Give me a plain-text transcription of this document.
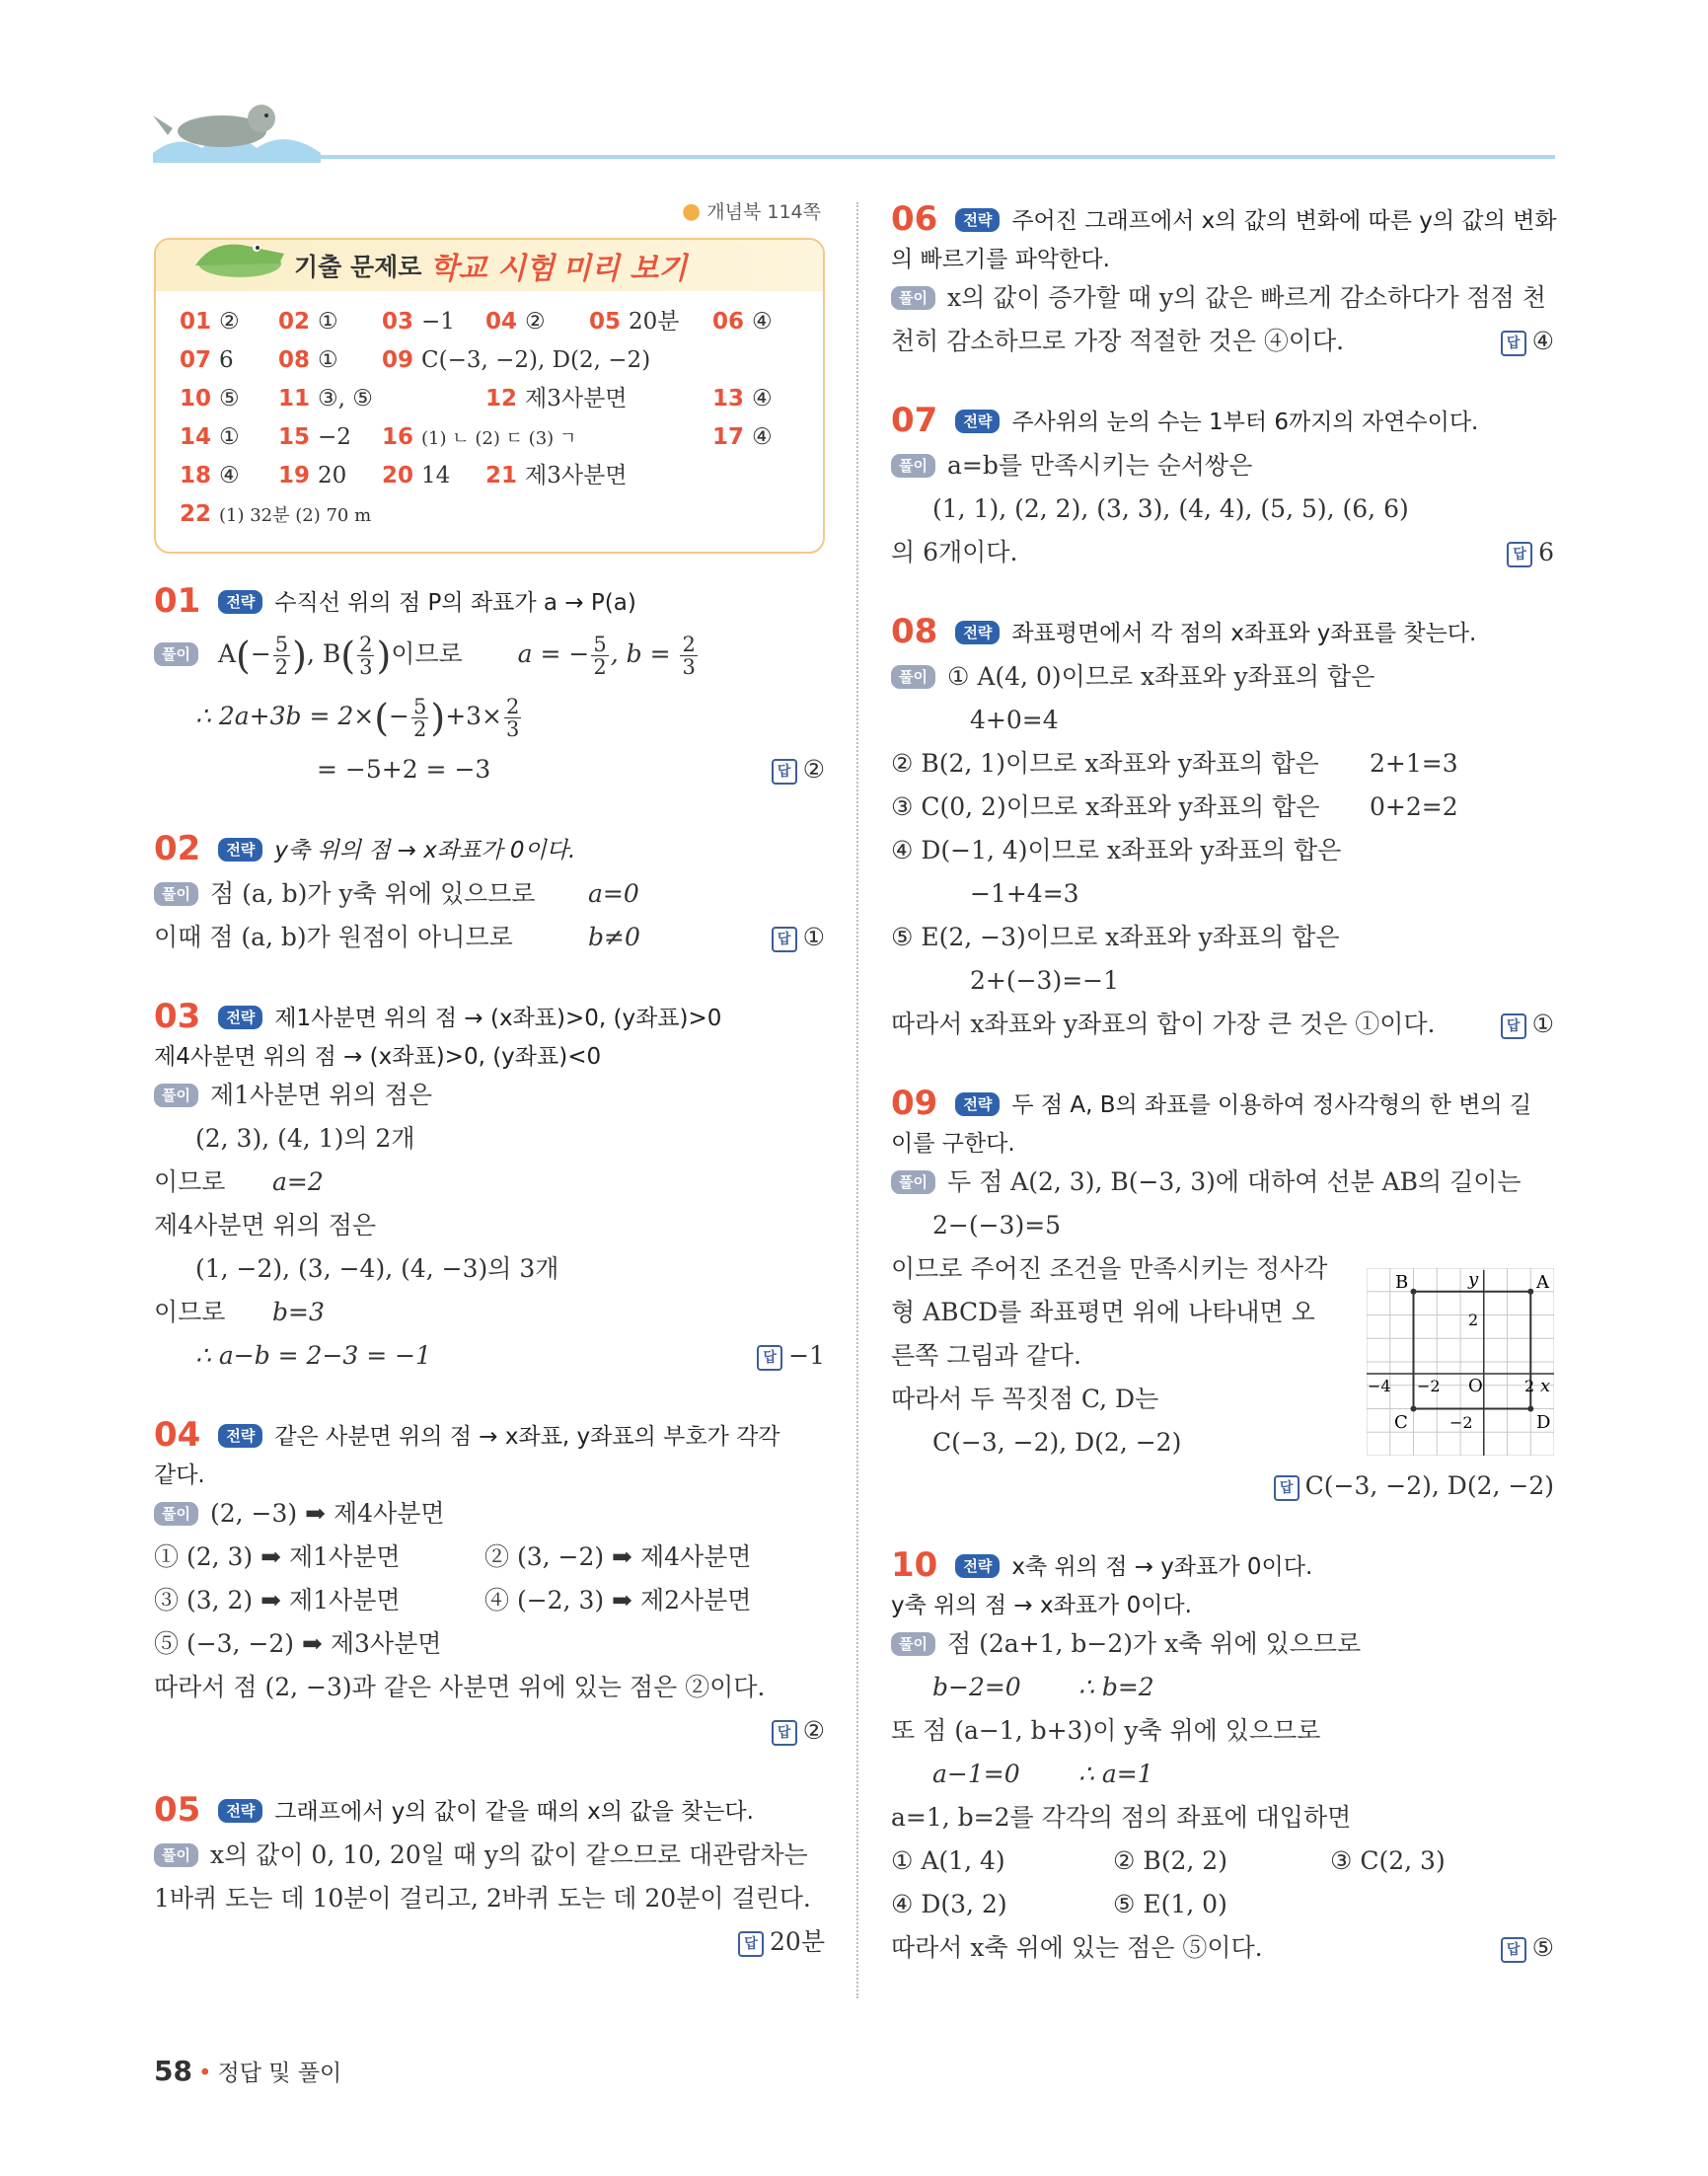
● 개념북 114쪽
기출 문제로 학교 시험 미리 보기
01 ② 02 ① 03 −1 04 ② 05 20분 06 ④
07 6 08 ① 09 C(−3, −2), D(2, −2)
10 ⑤ 11 ③, ⑤	12 제3사분면	13 ④
14 ① 15 −2 16 (1) ㄴ (2) ㄷ (3) ㄱ	17 ④
18 ④ 19 20 20 14 21 제3사분면
22 (1) 32분 (2) 70 m
01 전략 수직선 위의 점 P의 좌표가 a → P(a)
풀이 $A(- \frac{5}{2}$ ), $B( \frac{2}{3}$ )이므로 a = − $\frac{5}{2}$ , $b = \frac{2}{3}$
∴ $2a+3b = 2\times(- \frac{5}{2} )+3\times \frac{2}{3}$
= −5+2 = −3	답 ②
02 전략 y축 위의 점 → x좌표가 0이다.
풀이 점 (a, b)가 y축 위에 있으므로 a=0
이때 점 (a, b)가 원점이 아니므로	b≠0	답 ①
03 전략 제1사분면 위의 점 → (x좌표)>0, (y좌표)>0
제4사분면 위의 점 → (x좌표)>0, (y좌표)<0
풀이 제1사분면 위의 점은
(2, 3), (4, 1)의 2개
이므로 a=2
제4사분면 위의 점은
(1, −2), (3, −4), (4, −3)의 3개
이므로 b=3
∴ a−b = 2−3 = −1	답 −1
04 전략 같은 사분면 위의 점 → x좌표, y좌표의 부호가 각각
같다.
풀이 (2, −3) ➡ 제4사분면
① (2, 3) ➡ 제1사분면	② (3, −2) ➡ 제4사분면
③ (3, 2) ➡ 제1사분면	④ (−2, 3) ➡ 제2사분면
⑤ (−3, −2) ➡ 제3사분면
따라서 점 (2, −3)과 같은 사분면 위에 있는 점은 ②이다.
답 ②
05 전략 그래프에서 y의 값이 같을 때의 x의 값을 찾는다.
풀이 x의 값이 0, 10, 20일 때 y의 값이 같으므로 대관람차는
1바퀴 도는 데 10분이 걸리고, 2바퀴 도는 데 20분이 걸린다.
답 20분
06 전략 주어진 그래프에서 x의 값의 변화에 따른 y의 값의 변화
의 빠르기를 파악한다.
풀이 x의 값이 증가할 때 y의 값은 빠르게 감소하다가 점점 천
천히 감소하므로 가장 적절한 것은 ④이다.	답 ④
07 전략 주사위의 눈의 수는 1부터 6까지의 자연수이다.
풀이 a=b를 만족시키는 순서쌍은
(1, 1), (2, 2), (3, 3), (4, 4), (5, 5), (6, 6)
의 6개이다.	답 6
08 전략 좌표평면에서 각 점의 x좌표와 y좌표를 찾는다.
풀이 ① A(4, 0)이므로 x좌표와 y좌표의 합은
4+0=4
② B(2, 1)이므로 x좌표와 y좌표의 합은 2+1=3
③ C(0, 2)이므로 x좌표와 y좌표의 합은 0+2=2
④ D(−1, 4)이므로 x좌표와 y좌표의 합은
−1+4=3
⑤ E(2, −3)이므로 x좌표와 y좌표의 합은
2+(−3)=−1
따라서 x좌표와 y좌표의 합이 가장 큰 것은 ①이다.	답 ①
09 전략 두 점 A, B의 좌표를 이용하여 정사각형의 한 변의 길
이를 구한다.
풀이 두 점 A(2, 3), B(−3, 3)에 대하여 선분 AB의 길이는
2−(−3)=5
이므로 주어진 조건을 만족시키는 정사각
형 ABCD를 좌표평면 위에 나타내면 오
른쪽 그림과 같다.
따라서 두 꼭짓점 C, D는
C(−3, −2), D(2, −2)
답 C(−3, −2), D(2, −2)
10 전략 x축 위의 점 → y좌표가 0이다.
y축 위의 점 → x좌표가 0이다.
풀이 점 (2a+1, b−2)가 x축 위에 있으므로
b−2=0 ∴ b=2
또 점 (a−1, b+3)이 y축 위에 있으므로
a−1=0 ∴ a=1
a=1, b=2를 각각의 점의 좌표에 대입하면
① A(1, 4)	② B(2, 2)	③ C(2, 3)
④ D(3, 2)	⑤ E(1, 0)
따라서 x축 위에 있는 점은 ⑤이다.	답 ⑤
B	A
C	D
O	x
y
2
−2
−4 −2	2
58 • 정답 및 풀이
